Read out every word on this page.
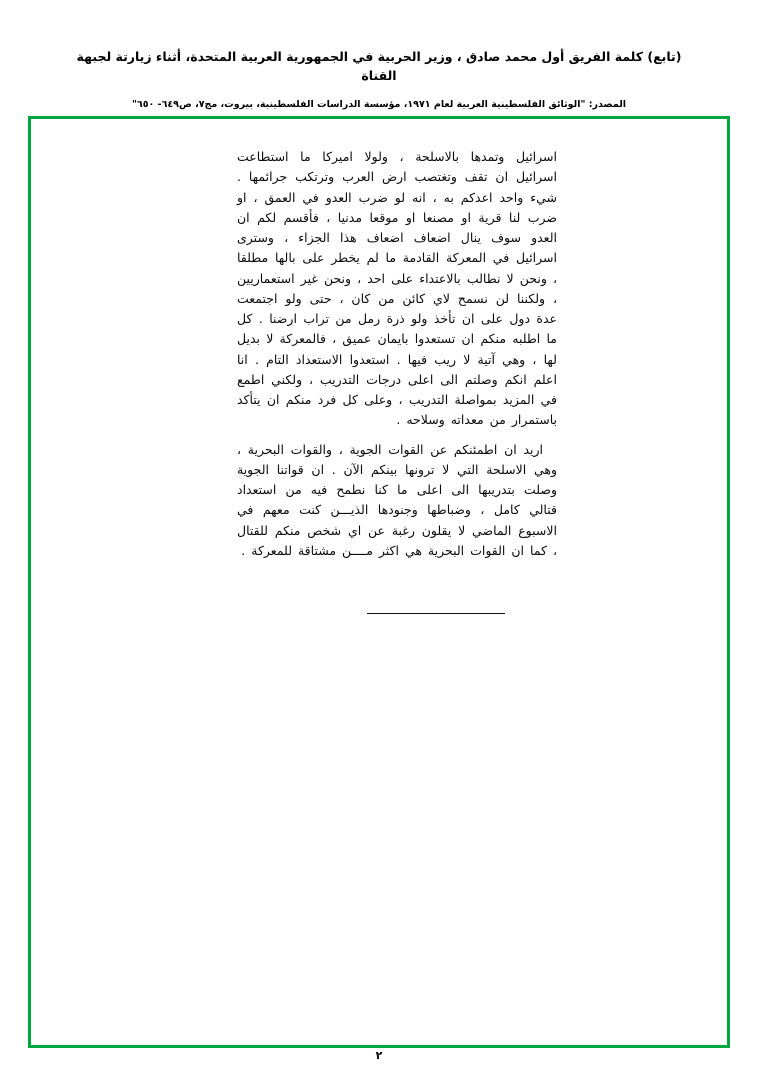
(تابع) كلمة الفريق أول محمد صادق ، وزير الحربية في الجمهورية العربية المتحدة، أثناء زيارتة لجبهة القناة
المصدر: "الوثائق الفلسطينية العربية لعام ١٩٧١، مؤسسة الدراسات الفلسطينية، بيروت، مج٧، ص٦٤٩- ٦٥٠"

اسرائيل وتمدها بالاسلحة ، ولولا اميركا ما استطاعت اسرائيل ان تقف وتغتصب ارض العرب وترتكب جرائمها . شيء واحد اعدكم به ، انه لو ضرب العدو في العمق ، او ضرب لنا قرية او مصنعا او موقعا مدنيا ، فأقسم لكم ان العدو سوف ينال اضعاف اضعاف هذا الجزاء ، وسترى اسرائيل في المعركة القادمة ما لم يخطر على بالها مطلقا ، ونحن لا نطالب بالاعتداء على احد ، ونحن غير استعماريين ، ولكننا لن نسمح لاي كائن من كان ، حتى ولو اجتمعت عدة دول على ان تأخذ ولو ذرة رمل من تراب ارضنا . كل ما اطلبه منكم ان تستعدوا بايمان عميق ، فالمعركة لا بديل لها ، وهي آتية لا ريب فيها . استعدوا الاستعداد التام . انا اعلم انكم وصلتم الى اعلى درجات التدريب ، ولكني اطمع في المزيد بمواصلة التدريب ، وعلى كل فرد منكم ان يتأكد باستمرار من معداته وسلاحه .

اريد ان اطمئنكم عن القوات الجوية ، والقوات البحرية ، وهي الاسلحة التي لا ترونها بينكم الآن . ان قواتنا الجوية وصلت بتدريبها الى اعلى ما كنا نطمح فيه من استعداد قتالي كامل ، وضباطها وجنودها الذيـــن كنت معهم في الاسبوع الماضي لا يقلون رغبة عن اي شخص منكم للقتال ، كما ان القوات البحرية هي اكثر مــــن مشتاقة للمعركة .

٢
